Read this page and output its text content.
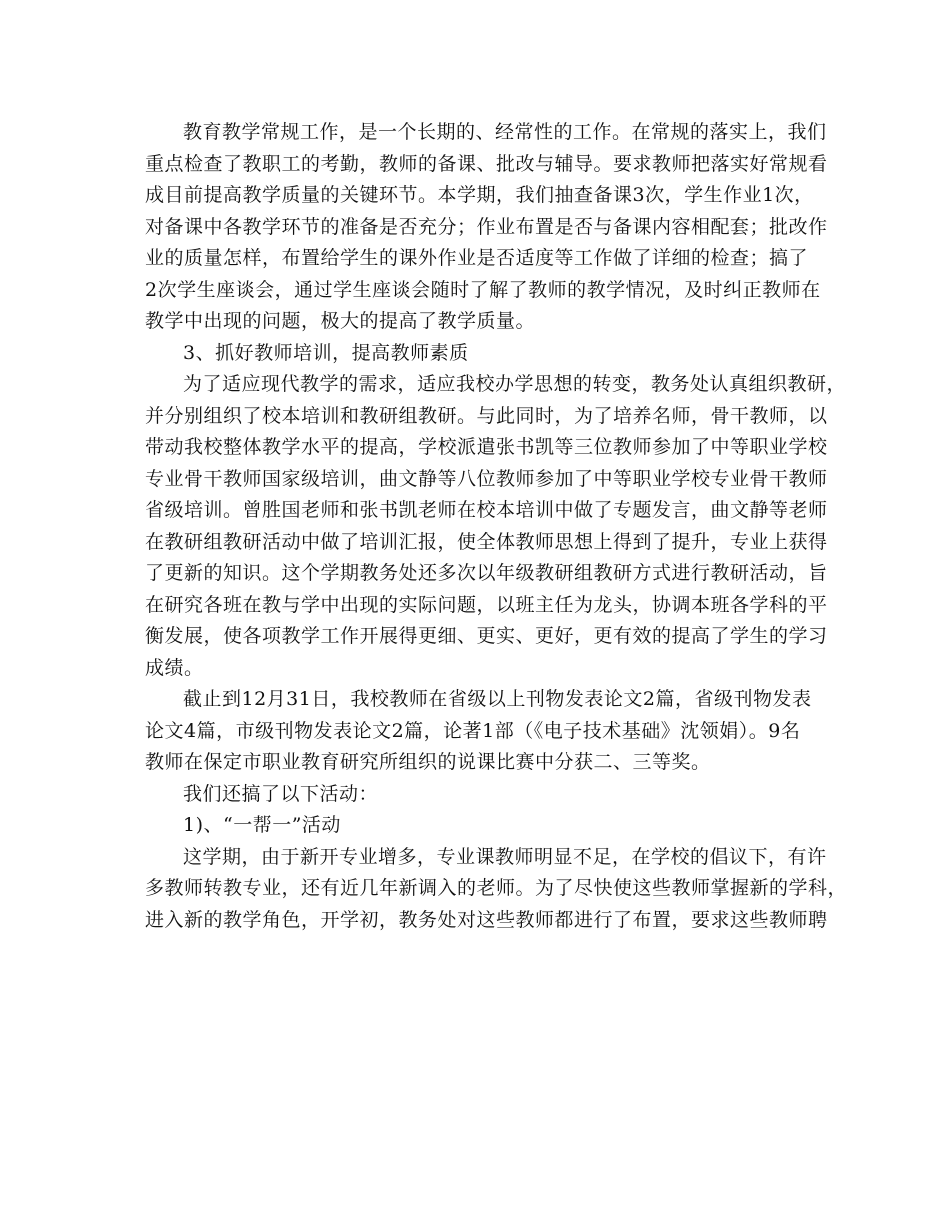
教育教学常规工作，是一个长期的、经常性的工作。在常规的落实上，我们
重点检查了教职工的考勤，教师的备课、批改与辅导。要求教师把落实好常规看
成目前提高教学质量的关键环节。本学期，我们抽查备课3次，学生作业1次，
对备课中各教学环节的准备是否充分；作业布置是否与备课内容相配套；批改作
业的质量怎样，布置给学生的课外作业是否适度等工作做了详细的检查；搞了
2次学生座谈会，通过学生座谈会随时了解了教师的教学情况，及时纠正教师在
教学中出现的问题，极大的提高了教学质量。
3、抓好教师培训，提高教师素质
为了适应现代教学的需求，适应我校办学思想的转变，教务处认真组织教研，
并分别组织了校本培训和教研组教研。与此同时，为了培养名师，骨干教师，以
带动我校整体教学水平的提高，学校派遣张书凯等三位教师参加了中等职业学校
专业骨干教师国家级培训，曲文静等八位教师参加了中等职业学校专业骨干教师
省级培训。曾胜国老师和张书凯老师在校本培训中做了专题发言，曲文静等老师
在教研组教研活动中做了培训汇报，使全体教师思想上得到了提升，专业上获得
了更新的知识。这个学期教务处还多次以年级教研组教研方式进行教研活动，旨
在研究各班在教与学中出现的实际问题，以班主任为龙头，协调本班各学科的平
衡发展，使各项教学工作开展得更细、更实、更好，更有效的提高了学生的学习
成绩。
截止到12月31日，我校教师在省级以上刊物发表论文2篇，省级刊物发表
论文4篇，市级刊物发表论文2篇，论著1部（《电子技术基础》沈领娟）。9名
教师在保定市职业教育研究所组织的说课比赛中分获二、三等奖。
我们还搞了以下活动：
1)、“一帮一”活动
这学期，由于新开专业增多，专业课教师明显不足，在学校的倡议下，有许
多教师转教专业，还有近几年新调入的老师。为了尽快使这些教师掌握新的学科，
进入新的教学角色，开学初，教务处对这些教师都进行了布置，要求这些教师聘
